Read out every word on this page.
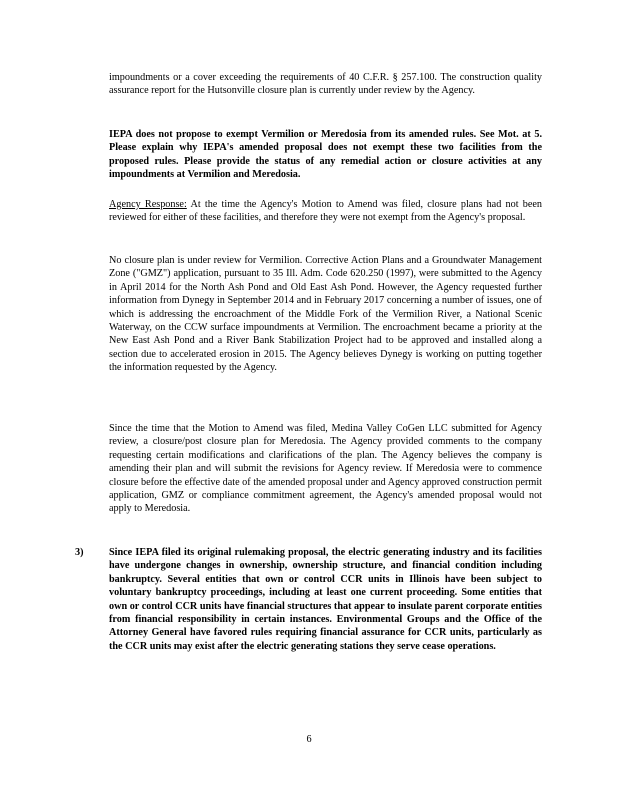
impoundments or a cover exceeding the requirements of 40 C.F.R. § 257.100. The construction quality assurance report for the Hutsonville closure plan is currently under review by the Agency.

IEPA does not propose to exempt Vermilion or Meredosia from its amended rules. See Mot. at 5. Please explain why IEPA's amended proposal does not exempt these two facilities from the proposed rules. Please provide the status of any remedial action or closure activities at any impoundments at Vermilion and Meredosia.

Agency Response: At the time the Agency's Motion to Amend was filed, closure plans had not been reviewed for either of these facilities, and therefore they were not exempt from the Agency's proposal.

No closure plan is under review for Vermilion. Corrective Action Plans and a Groundwater Management Zone ("GMZ") application, pursuant to 35 Ill. Adm. Code 620.250 (1997), were submitted to the Agency in April 2014 for the North Ash Pond and Old East Ash Pond. However, the Agency requested further information from Dynegy in September 2014 and in February 2017 concerning a number of issues, one of which is addressing the encroachment of the Middle Fork of the Vermilion River, a National Scenic Waterway, on the CCW surface impoundments at Vermilion. The encroachment became a priority at the New East Ash Pond and a River Bank Stabilization Project had to be approved and installed along a section due to accelerated erosion in 2015. The Agency believes Dynegy is working on putting together the information requested by the Agency.

Since the time that the Motion to Amend was filed, Medina Valley CoGen LLC submitted for Agency review, a closure/post closure plan for Meredosia. The Agency provided comments to the company requesting certain modifications and clarifications of the plan. The Agency believes the company is amending their plan and will submit the revisions for Agency review. If Meredosia were to commence closure before the effective date of the amended proposal under and Agency approved construction permit application, GMZ or compliance commitment agreement, the Agency's amended proposal would not apply to Meredosia.

3)	Since IEPA filed its original rulemaking proposal, the electric generating industry and its facilities have undergone changes in ownership, ownership structure, and financial condition including bankruptcy. Several entities that own or control CCR units in Illinois have been subject to voluntary bankruptcy proceedings, including at least one current proceeding. Some entities that own or control CCR units have financial structures that appear to insulate parent corporate entities from financial responsibility in certain instances. Environmental Groups and the Office of the Attorney General have favored rules requiring financial assurance for CCR units, particularly as the CCR units may exist after the electric generating stations they serve cease operations.

6
